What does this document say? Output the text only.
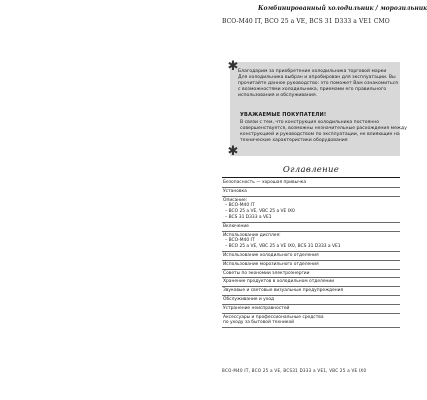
Комбинированный холодильник / морозильник
BCO-M40 IT, BCO 25 a VE, BCS 31 D333 a VE1 CMO
✱
✱
Благодарим за приобретение холодильника торговой марки
Для холодильника выбран и апробирован для эксплуатации. Вы
прочитайте данное руководство: это поможет Вам ознакомиться
с возможностями холодильника, приемами его правильного
использования и обслуживания.
УВАЖАЕМЫЕ ПОКУПАТЕЛИ!
В связи с тем, что конструкция холодильника постоянно
совершенствуется, возможны незначительные расхождения между
конструкцией и руководством по эксплуатации, не влияющие на
технические характеристики оборудования
Оглавление
Безопасность — хорошая привычка
Установка
Описание:
– BCO-M40 IT
– BCO 25 a VE, VBC 25 a VE IX0
– BCS 31 D333 a VE1
Включение
Использование дисплея:
– BCO-M40 IT
– BCO 25 a VE, VBC 25 a VE IX0, BCS 31 D333 a VE1
Использование холодильного отделения
Использование морозильного отделения
Советы по экономии электроэнергии
Хранение продуктов в холодильном отделении
Звуковые и световые визуальные предупреждения
Обслуживание и уход
Устранение неисправностей
Аксессуары и профессиональные средства
по уходу за бытовой техникой
BCO-M40 IT, BCO 25 a VE, BCS31 D333 a VE1, VBC 25 a VE IX0
